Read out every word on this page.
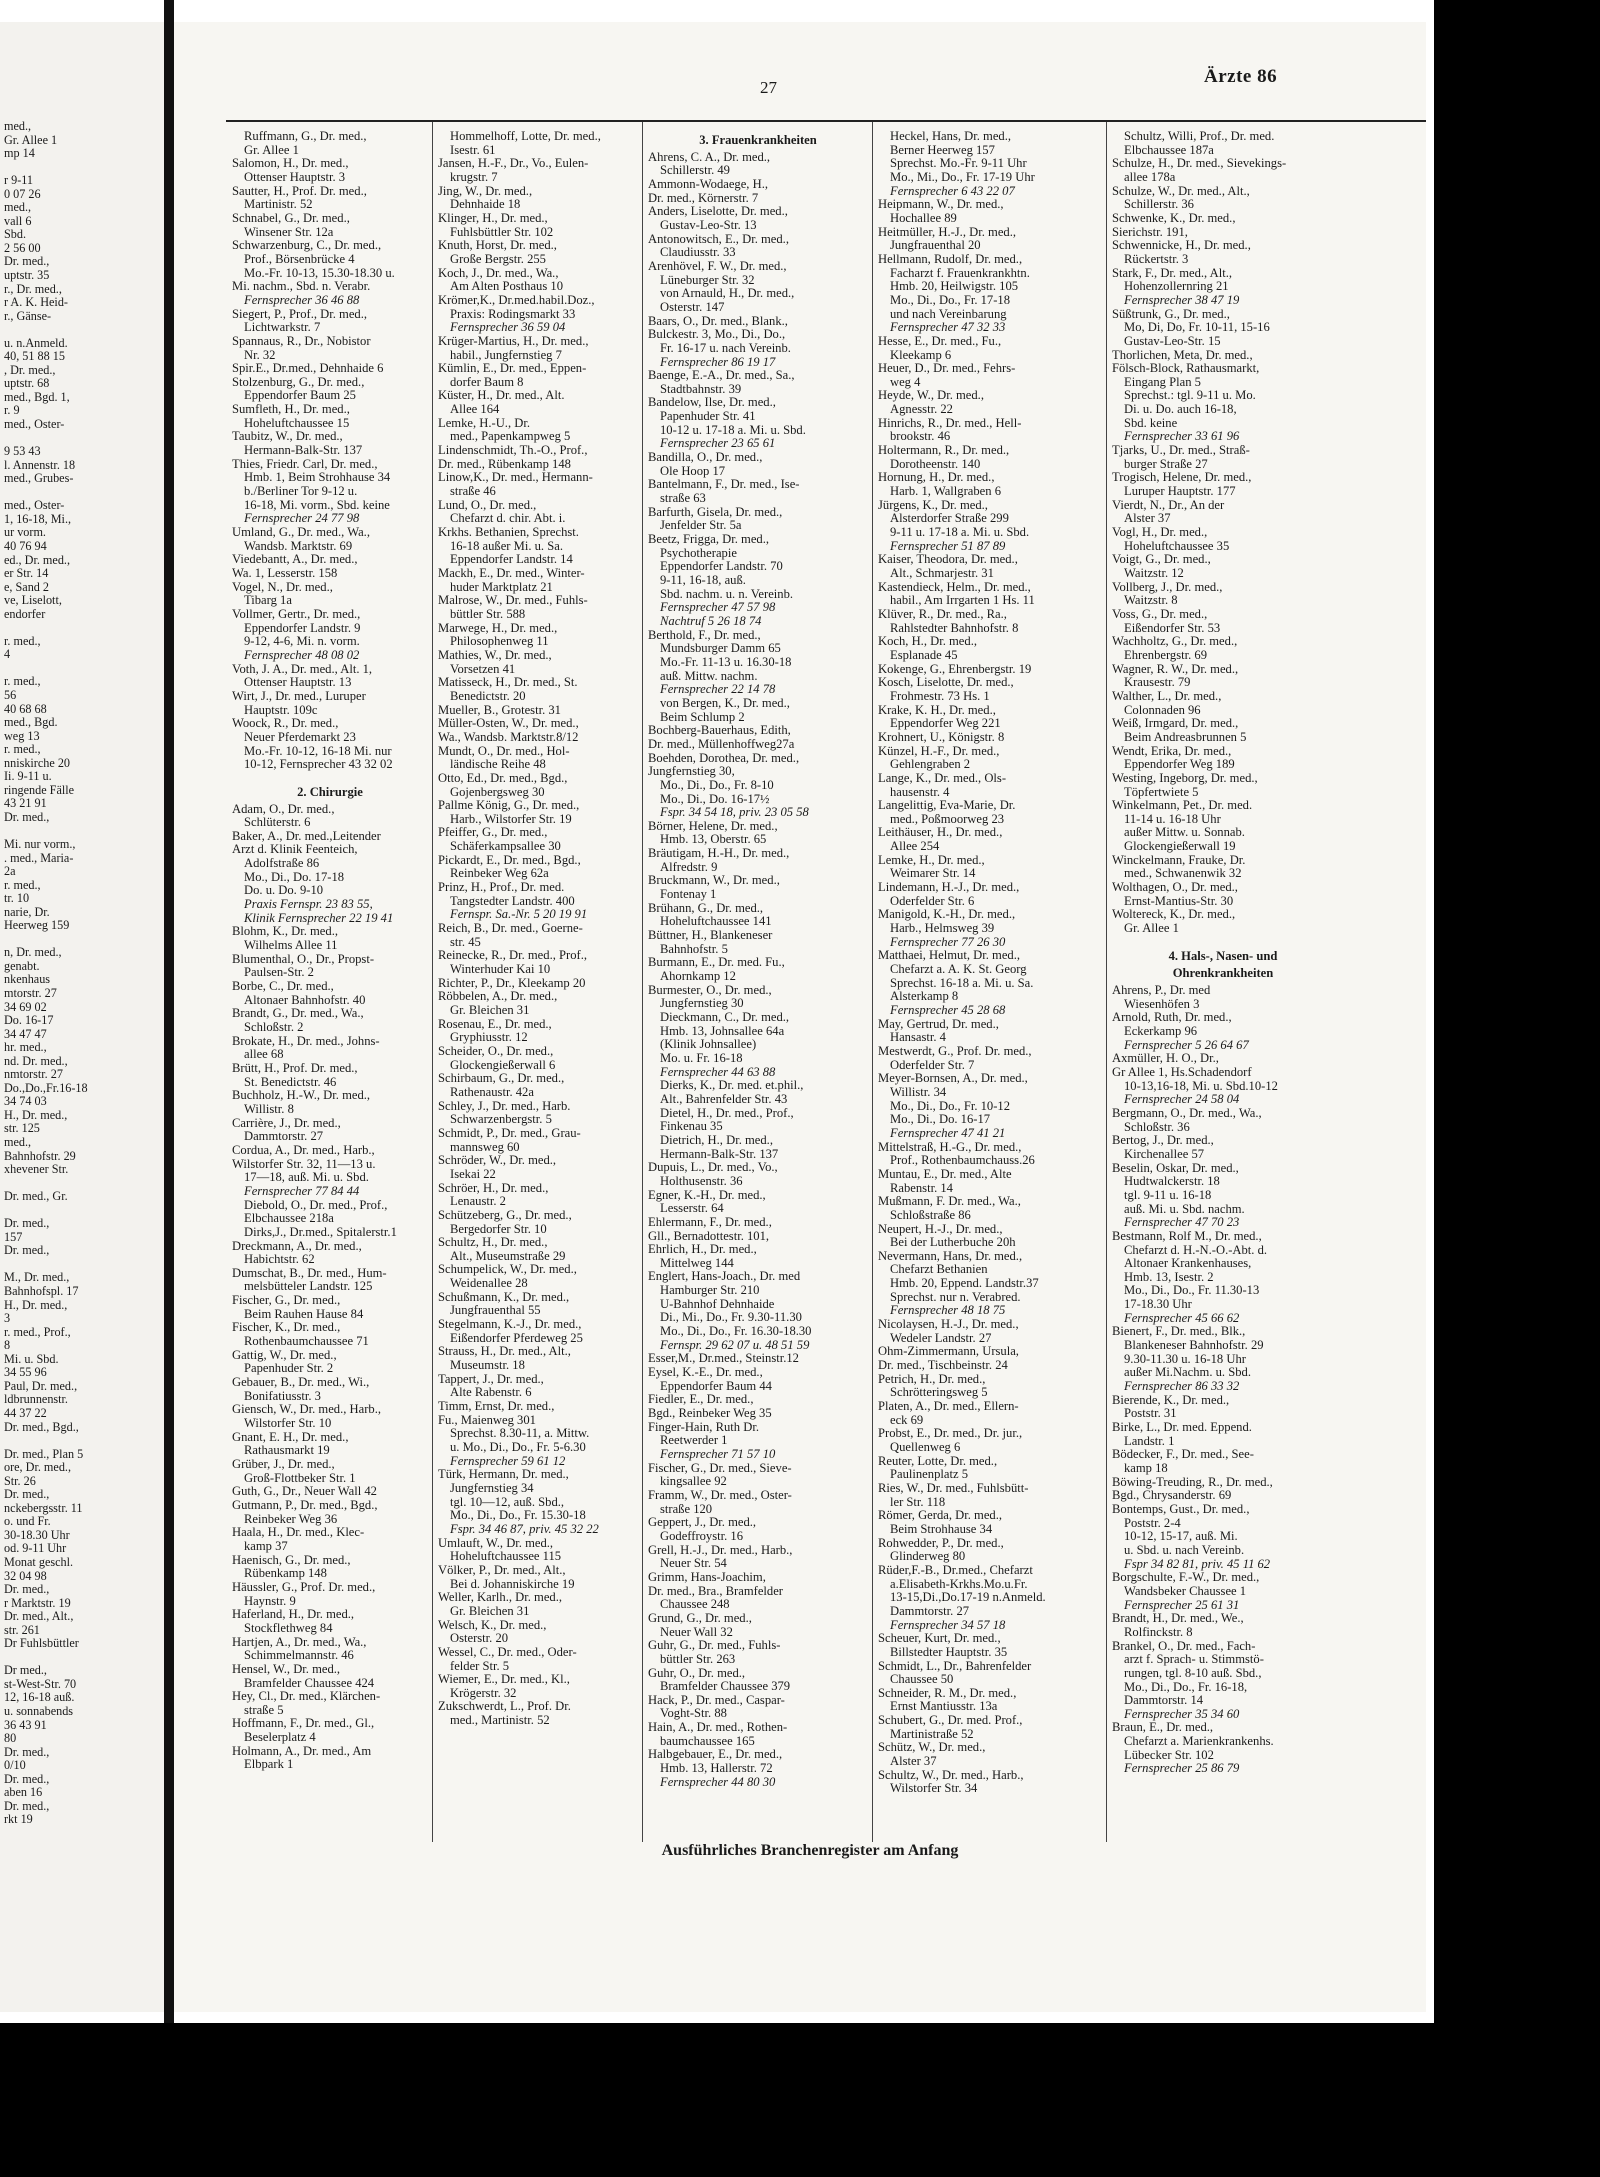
med.,
Gr. Allee 1
mp 14

r 9-11
0 07 26
med.,
vall 6
Sbd.
2 56 00
Dr. med.,
uptstr. 35
r., Dr. med.,
r A. K. Heid-
r., Gänse-

u. n.Anmeld.
40, 51 88 15
, Dr. med.,
uptstr. 68
med., Bgd. 1,
r. 9
med., Oster-

9 53 43
l. Annenstr. 18
med., Grubes-

med., Oster-
1, 16-18, Mi.,
ur vorm.
40 76 94
ed., Dr. med.,
er Str. 14
e, Sand 2
ve, Liselott,
endorfer

r. med.,
4

r. med.,
56
40 68 68
med., Bgd.
weg 13
r. med.,
nniskirche 20
Ii. 9-11 u.
ringende Fälle
43 21 91
Dr. med.,

Mi. nur vorm.,
. med., Maria-
2a
r. med.,
tr. 10
narie, Dr.
Heerweg 159

n, Dr. med.,
genabt.
nkenhaus
mtorstr. 27
34 69 02
Do. 16-17
34 47 47
hr. med.,
nd. Dr. med.,
nmtorstr. 27
Do.,Do.,Fr.16-18
34 74 03
H., Dr. med.,
str. 125
med.,
Bahnhofstr. 29
xhevener Str.

Dr. med., Gr.

Dr. med.,
157
Dr. med.,

M., Dr. med.,
Bahnhofspl. 17
H., Dr. med.,
3
r. med., Prof.,
8
Mi. u. Sbd.
34 55 96
Paul, Dr. med.,
ldbrunnenstr.
44 37 22
Dr. med., Bgd.,

Dr. med., Plan 5
ore, Dr. med.,
Str. 26
Dr. med.,
nckebergsstr. 11
o. und Fr.
30-18.30 Uhr
od. 9-11 Uhr
Monat geschl.
32 04 98
Dr. med.,
r Marktstr. 19
Dr. med., Alt.,
str. 261
Dr Fuhlsbüttler

Dr med.,
st-West-Str. 70
12, 16-18 auß.
u. sonnabends
36 43 91
80
Dr. med.,
0/10
Dr. med.,
aben 16
Dr. med.,
rkt 19
27
Ärzte 86
Ruffmann, G., Dr. med.,
Gr. Allee 1
Salomon, H., Dr. med.,
Ottenser Hauptstr. 3
Sautter, H., Prof. Dr. med.,
Martinistr. 52
Schnabel, G., Dr. med.,
Winsener Str. 12a
Schwarzenburg, C., Dr. med.,
Prof., Börsenbrücke 4
Mo.-Fr. 10-13, 15.30-18.30 u.
Mi. nachm., Sbd. n. Verabr.
Fernsprecher 36 46 88
Siegert, P., Prof., Dr. med.,
Lichtwarkstr. 7
Spannaus, R., Dr., Nobistor
Nr. 32
Spir.E., Dr.med., Dehnhaide 6
Stolzenburg, G., Dr. med.,
Eppendorfer Baum 25
Sumfleth, H., Dr. med.,
Hoheluftchaussee 15
Taubitz, W., Dr. med.,
Hermann-Balk-Str. 137
Thies, Friedr. Carl, Dr. med.,
Hmb. 1, Beim Strohhause 34
b./Berliner Tor 9-12 u.
16-18, Mi. vorm., Sbd. keine
Fernsprecher 24 77 98
Umland, G., Dr. med., Wa.,
Wandsb. Marktstr. 69
Viedebantt, A., Dr. med.,
Wa. 1, Lesserstr. 158
Vogel, N., Dr. med.,
Tibarg 1a
Vollmer, Gertr., Dr. med.,
Eppendorfer Landstr. 9
9-12, 4-6, Mi. n. vorm.
Fernsprecher 48 08 02
Voth, J. A., Dr. med., Alt. 1,
Ottenser Hauptstr. 13
Wirt, J., Dr. med., Luruper
Hauptstr. 109c
Woock, R., Dr. med.,
Neuer Pferdemarkt 23
Mo.-Fr. 10-12, 16-18 Mi. nur
10-12, Fernsprecher 43 32 02
2. Chirurgie
Adam, O., Dr. med.,
Schlüterstr. 6
Baker, A., Dr. med.,Leitender
Arzt d. Klinik Feenteich,
Adolfstraße 86
Mo., Di., Do. 17-18
Do. u. Do. 9-10
Praxis Fernspr. 23 83 55,
Klinik Fernsprecher 22 19 41
Blohm, K., Dr. med.,
Wilhelms Allee 11
Blumenthal, O., Dr., Propst-
Paulsen-Str. 2
Borbe, C., Dr. med.,
Altonaer Bahnhofstr. 40
Brandt, G., Dr. med., Wa.,
Schloßstr. 2
Brokate, H., Dr. med., Johns-
allee 68
Brütt, H., Prof. Dr. med.,
St. Benedictstr. 46
Buchholz, H.-W., Dr. med.,
Willistr. 8
Carrière, J., Dr. med.,
Dammtorstr. 27
Cordua, A., Dr. med., Harb.,
Wilstorfer Str. 32, 11—13 u.
17—18, auß. Mi. u. Sbd.
Fernsprecher 77 84 44
Diebold, O., Dr. med., Prof.,
Elbchaussee 218a
Dirks,J., Dr.med., Spitalerstr.1
Dreckmann, A., Dr. med.,
Habichtstr. 62
Dumschat, B., Dr. med., Hum-
melsbütteler Landstr. 125
Fischer, G., Dr. med.,
Beim Rauhen Hause 84
Fischer, K., Dr. med.,
Rothenbaumchaussee 71
Gattig, W., Dr. med.,
Papenhuder Str. 2
Gebauer, B., Dr. med., Wi.,
Bonifatiusstr. 3
Giensch, W., Dr. med., Harb.,
Wilstorfer Str. 10
Gnant, E. H., Dr. med.,
Rathausmarkt 19
Grüber, J., Dr. med.,
Groß-Flottbeker Str. 1
Guth, G., Dr., Neuer Wall 42
Gutmann, P., Dr. med., Bgd.,
Reinbeker Weg 36
Haala, H., Dr. med., Klec-
kamp 37
Haenisch, G., Dr. med.,
Rübenkamp 148
Häussler, G., Prof. Dr. med.,
Haynstr. 9
Haferland, H., Dr. med.,
Stockflethweg 84
Hartjen, A., Dr. med., Wa.,
Schimmelmannstr. 46
Hensel, W., Dr. med.,
Bramfelder Chaussee 424
Hey, Cl., Dr. med., Klärchen-
straße 5
Hoffmann, F., Dr. med., Gl.,
Beselerplatz 4
Holmann, A., Dr. med., Am
Elbpark 1
Hommelhoff, Lotte, Dr. med.,
Isestr. 61
Jansen, H.-F., Dr., Vo., Eulen-
krugstr. 7
Jing, W., Dr. med.,
Dehnhaide 18
Klinger, H., Dr. med.,
Fuhlsbüttler Str. 102
Knuth, Horst, Dr. med.,
Große Bergstr. 255
Koch, J., Dr. med., Wa.,
Am Alten Posthaus 10
Krömer,K., Dr.med.habil.Doz.,
Praxis: Rodingsmarkt 33
Fernsprecher 36 59 04
Krüger-Martius, H., Dr. med.,
habil., Jungfernstieg 7
Kümlin, E., Dr. med., Eppen-
dorfer Baum 8
Küster, H., Dr. med., Alt.
Allee 164
Lemke, H.-U., Dr.
med., Papenkampweg 5
Lindenschmidt, Th.-O., Prof.,
Dr. med., Rübenkamp 148
Linow,K., Dr. med., Hermann-
straße 46
Lund, O., Dr. med.,
Chefarzt d. chir. Abt. i.
Krkhs. Bethanien, Sprechst.
16-18 außer Mi. u. Sa.
Eppendorfer Landstr. 14
Mackh, E., Dr. med., Winter-
huder Marktplatz 21
Malrose, W., Dr. med., Fuhls-
büttler Str. 588
Marwege, H., Dr. med.,
Philosophenweg 11
Mathies, W., Dr. med.,
Vorsetzen 41
Matisseck, H., Dr. med., St.
Benedictstr. 20
Mueller, B., Grotestr. 31
Müller-Osten, W., Dr. med.,
Wa., Wandsb. Marktstr.8/12
Mundt, O., Dr. med., Hol-
ländische Reihe 48
Otto, Ed., Dr. med., Bgd.,
Gojenbergsweg 30
Pallme König, G., Dr. med.,
Harb., Wilstorfer Str. 19
Pfeiffer, G., Dr. med.,
Schäferkampsallee 30
Pickardt, E., Dr. med., Bgd.,
Reinbeker Weg 62a
Prinz, H., Prof., Dr. med.
Tangstedter Landstr. 400
Fernspr. Sa.-Nr. 5 20 19 91
Reich, B., Dr. med., Goerne-
str. 45
Reinecke, R., Dr. med., Prof.,
Winterhuder Kai 10
Richter, P., Dr., Kleekamp 20
Röbbelen, A., Dr. med.,
Gr. Bleichen 31
Rosenau, E., Dr. med.,
Gryphiusstr. 12
Scheider, O., Dr. med.,
Glockengießerwall 6
Schirbaum, G., Dr. med.,
Rathenaustr. 42a
Schley, J., Dr. med., Harb.
Schwarzenbergstr. 5
Schmidt, P., Dr. med., Grau-
mannsweg 60
Schröder, W., Dr. med.,
Isekai 22
Schröer, H., Dr. med.,
Lenaustr. 2
Schützeberg, G., Dr. med.,
Bergedorfer Str. 10
Schultz, H., Dr. med.,
Alt., Museumstraße 29
Schumpelick, W., Dr. med.,
Weidenallee 28
Schußmann, K., Dr. med.,
Jungfrauenthal 55
Stegelmann, K.-J., Dr. med.,
Eißendorfer Pferdeweg 25
Strauss, H., Dr. med., Alt.,
Museumstr. 18
Tappert, J., Dr. med.,
Alte Rabenstr. 6
Timm, Ernst, Dr. med.,
Fu., Maienweg 301
Sprechst. 8.30-11, a. Mittw.
u. Mo., Di., Do., Fr. 5-6.30
Fernsprecher 59 61 12
Türk, Hermann, Dr. med.,
Jungfernstieg 34
tgl. 10—12, auß. Sbd.,
Mo., Di., Do., Fr. 15.30-18
Fspr. 34 46 87, priv. 45 32 22
Umlauft, W., Dr. med.,
Hoheluftchaussee 115
Völker, P., Dr. med., Alt.,
Bei d. Johanniskirche 19
Weller, Karlh., Dr. med.,
Gr. Bleichen 31
Welsch, K., Dr. med.,
Osterstr. 20
Wessel, C., Dr. med., Oder-
felder Str. 5
Wiemer, E., Dr. med., Kl.,
Krögerstr. 32
Zukschwerdt, L., Prof. Dr.
med., Martinistr. 52
3. Frauenkrankheiten
Ahrens, C. A., Dr. med.,
Schillerstr. 49
Ammonn-Wodaege, H.,
Dr. med., Körnerstr. 7
Anders, Liselotte, Dr. med.,
Gustav-Leo-Str. 13
Antonowitsch, E., Dr. med.,
Claudiusstr. 33
Arenhövel, F. W., Dr. med.,
Lüneburger Str. 32
von Arnauld, H., Dr. med.,
Osterstr. 147
Baars, O., Dr. med., Blank.,
Bulckestr. 3, Mo., Di., Do.,
Fr. 16-17 u. nach Vereinb.
Fernsprecher 86 19 17
Baenge, E.-A., Dr. med., Sa.,
Stadtbahnstr. 39
Bandelow, Ilse, Dr. med.,
Papenhuder Str. 41
10-12 u. 17-18 a. Mi. u. Sbd.
Fernsprecher 23 65 61
Bandilla, O., Dr. med.,
Ole Hoop 17
Bantelmann, F., Dr. med., Ise-
straße 63
Barfurth, Gisela, Dr. med.,
Jenfelder Str. 5a
Beetz, Frigga, Dr. med.,
Psychotherapie
Eppendorfer Landstr. 70
9-11, 16-18, auß.
Sbd. nachm. u. n. Vereinb.
Fernsprecher 47 57 98
Nachtruf 5 26 18 74
Berthold, F., Dr. med.,
Mundsburger Damm 65
Mo.-Fr. 11-13 u. 16.30-18
auß. Mittw. nachm.
Fernsprecher 22 14 78
von Bergen, K., Dr. med.,
Beim Schlump 2
Bochberg-Bauerhaus, Edith,
Dr. med., Müllenhoffweg27a
Boehden, Dorothea, Dr. med.,
Jungfernstieg 30,
Mo., Di., Do., Fr. 8-10
Mo., Di., Do. 16-17½
Fspr. 34 54 18, priv. 23 05 58
Börner, Helene, Dr. med.,
Hmb. 13, Oberstr. 65
Bräutigam, H.-H., Dr. med.,
Alfredstr. 9
Bruckmann, W., Dr. med.,
Fontenay 1
Brühann, G., Dr. med.,
Hoheluftchaussee 141
Büttner, H., Blankeneser
Bahnhofstr. 5
Burmann, E., Dr. med. Fu.,
Ahornkamp 12
Burmester, O., Dr. med.,
Jungfernstieg 30
Dieckmann, C., Dr. med.,
Hmb. 13, Johnsallee 64a
(Klinik Johnsallee)
Mo. u. Fr. 16-18
Fernsprecher 44 63 88
Dierks, K., Dr. med. et.phil.,
Alt., Bahrenfelder Str. 43
Dietel, H., Dr. med., Prof.,
Finkenau 35
Dietrich, H., Dr. med.,
Hermann-Balk-Str. 137
Dupuis, L., Dr. med., Vo.,
Holthusenstr. 36
Egner, K.-H., Dr. med.,
Lesserstr. 64
Ehlermann, F., Dr. med.,
Gll., Bernadottestr. 101,
Ehrlich, H., Dr. med.,
Mittelweg 144
Englert, Hans-Joach., Dr. med
Hamburger Str. 210
U-Bahnhof Dehnhaide
Di., Mi., Do., Fr. 9.30-11.30
Mo., Di., Do., Fr. 16.30-18.30
Fernspr. 29 62 07 u. 48 51 59
Esser,M., Dr.med., Steinstr.12
Eysel, K.-E., Dr. med.,
Eppendorfer Baum 44
Fiedler, E., Dr. med.,
Bgd., Reinbeker Weg 35
Finger-Hain, Ruth Dr.
Reetwerder 1
Fernsprecher 71 57 10
Fischer, G., Dr. med., Sieve-
kingsallee 92
Framm, W., Dr. med., Oster-
straße 120
Geppert, J., Dr. med.,
Godeffroystr. 16
Grell, H.-J., Dr. med., Harb.,
Neuer Str. 54
Grimm, Hans-Joachim,
Dr. med., Bra., Bramfelder
Chaussee 248
Grund, G., Dr. med.,
Neuer Wall 32
Guhr, G., Dr. med., Fuhls-
büttler Str. 263
Guhr, O., Dr. med.,
Bramfelder Chaussee 379
Hack, P., Dr. med., Caspar-
Voght-Str. 88
Hain, A., Dr. med., Rothen-
baumchaussee 165
Halbgebauer, E., Dr. med.,
Hmb. 13, Hallerstr. 72
Fernsprecher 44 80 30
Heckel, Hans, Dr. med.,
Berner Heerweg 157
Sprechst. Mo.-Fr. 9-11 Uhr
Mo., Mi., Do., Fr. 17-19 Uhr
Fernsprecher 6 43 22 07
Heipmann, W., Dr. med.,
Hochallee 89
Heitmüller, H.-J., Dr. med.,
Jungfrauenthal 20
Hellmann, Rudolf, Dr. med.,
Facharzt f. Frauenkrankhtn.
Hmb. 20, Heilwigstr. 105
Mo., Di., Do., Fr. 17-18
und nach Vereinbarung
Fernsprecher 47 32 33
Hesse, E., Dr. med., Fu.,
Kleekamp 6
Heuer, D., Dr. med., Fehrs-
weg 4
Heyde, W., Dr. med.,
Agnesstr. 22
Hinrichs, R., Dr. med., Hell-
brookstr. 46
Holtermann, R., Dr. med.,
Dorotheenstr. 140
Hornung, H., Dr. med.,
Harb. 1, Wallgraben 6
Jürgens, K., Dr. med.,
Alsterdorfer Straße 299
9-11 u. 17-18 a. Mi. u. Sbd.
Fernsprecher 51 87 89
Kaiser, Theodora, Dr. med.,
Alt., Schmarjestr. 31
Kastendieck, Helm., Dr. med.,
habil., Am Irrgarten 1 Hs. 11
Klüver, R., Dr. med., Ra.,
Rahlstedter Bahnhofstr. 8
Koch, H., Dr. med.,
Esplanade 45
Kokenge, G., Ehrenbergstr. 19
Kosch, Liselotte, Dr. med.,
Frohmestr. 73 Hs. 1
Krake, K. H., Dr. med.,
Eppendorfer Weg 221
Krohnert, U., Königstr. 8
Künzel, H.-F., Dr. med.,
Gehlengraben 2
Lange, K., Dr. med., Ols-
hausenstr. 4
Langelittig, Eva-Marie, Dr.
med., Poßmoorweg 23
Leithäuser, H., Dr. med.,
Allee 254
Lemke, H., Dr. med.,
Weimarer Str. 14
Lindemann, H.-J., Dr. med.,
Oderfelder Str. 6
Manigold, K.-H., Dr. med.,
Harb., Helmsweg 39
Fernsprecher 77 26 30
Matthaei, Helmut, Dr. med.,
Chefarzt a. A. K. St. Georg
Sprechst. 16-18 a. Mi. u. Sa.
Alsterkamp 8
Fernsprecher 45 28 68
May, Gertrud, Dr. med.,
Hansastr. 4
Mestwerdt, G., Prof. Dr. med.,
Oderfelder Str. 7
Meyer-Bornsen, A., Dr. med.,
Willistr. 34
Mo., Di., Do., Fr. 10-12
Mo., Di., Do. 16-17
Fernsprecher 47 41 21
Mittelstraß, H.-G., Dr. med.,
Prof., Rothenbaumchauss.26
Muntau, E., Dr. med., Alte
Rabenstr. 14
Mußmann, F. Dr. med., Wa.,
Schloßstraße 86
Neupert, H.-J., Dr. med.,
Bei der Lutherbuche 20h
Nevermann, Hans, Dr. med.,
Chefarzt Bethanien
Hmb. 20, Eppend. Landstr.37
Sprechst. nur n. Verabred.
Fernsprecher 48 18 75
Nicolaysen, H.-J., Dr. med.,
Wedeler Landstr. 27
Ohm-Zimmermann, Ursula,
Dr. med., Tischbeinstr. 24
Petrich, H., Dr. med.,
Schrötteringsweg 5
Platen, A., Dr. med., Ellern-
eck 69
Probst, E., Dr. med., Dr. jur.,
Quellenweg 6
Reuter, Lotte, Dr. med.,
Paulinenplatz 5
Ries, W., Dr. med., Fuhlsbütt-
ler Str. 118
Römer, Gerda, Dr. med.,
Beim Strohhause 34
Rohwedder, P., Dr. med.,
Glinderweg 80
Rüder,F.-B., Dr.med., Chefarzt
a.Elisabeth-Krkhs.Mo.u.Fr.
13-15,Di.,Do.17-19 n.Anmeld.
Dammtorstr. 27
Fernsprecher 34 57 18
Scheuer, Kurt, Dr. med.,
Billstedter Hauptstr. 35
Schmidt, L., Dr., Bahrenfelder
Chaussee 50
Schneider, R. M., Dr. med.,
Ernst Mantiusstr. 13a
Schubert, G., Dr. med. Prof.,
Martinistraße 52
Schütz, W., Dr. med.,
Alster 37
Schultz, W., Dr. med., Harb.,
Wilstorfer Str. 34
Schultz, Willi, Prof., Dr. med.
Elbchaussee 187a
Schulze, H., Dr. med., Sievekings-
allee 178a
Schulze, W., Dr. med., Alt.,
Schillerstr. 36
Schwenke, K., Dr. med.,
Sierichstr. 191,
Schwennicke, H., Dr. med.,
Rückertstr. 3
Stark, F., Dr. med., Alt.,
Hohenzollernring 21
Fernsprecher 38 47 19
Süßtrunk, G., Dr. med.,
Mo, Di, Do, Fr. 10-11, 15-16
Gustav-Leo-Str. 15
Thorlichen, Meta, Dr. med.,
Fölsch-Block, Rathausmarkt,
Eingang Plan 5
Sprechst.: tgl. 9-11 u. Mo.
Di. u. Do. auch 16-18,
Sbd. keine
Fernsprecher 33 61 96
Tjarks, U., Dr. med., Straß-
burger Straße 27
Trogisch, Helene, Dr. med.,
Luruper Hauptstr. 177
Vierdt, N., Dr., An der
Alster 37
Vogl, H., Dr. med.,
Hoheluftchaussee 35
Voigt, G., Dr. med.,
Waitzstr. 12
Vollberg, J., Dr. med.,
Waitzstr. 8
Voss, G., Dr. med.,
Eißendorfer Str. 53
Wachholtz, G., Dr. med.,
Ehrenbergstr. 69
Wagner, R. W., Dr. med.,
Krausestr. 79
Walther, L., Dr. med.,
Colonnaden 96
Weiß, Irmgard, Dr. med.,
Beim Andreasbrunnen 5
Wendt, Erika, Dr. med.,
Eppendorfer Weg 189
Westing, Ingeborg, Dr. med.,
Töpfertwiete 5
Winkelmann, Pet., Dr. med.
11-14 u. 16-18 Uhr
außer Mittw. u. Sonnab.
Glockengießerwall 19
Winckelmann, Frauke, Dr.
med., Schwanenwik 32
Wolthagen, O., Dr. med.,
Ernst-Mantius-Str. 30
Woltereck, K., Dr. med.,
Gr. Allee 1
4. Hals-, Nasen- und
Ohrenkrankheiten
Ahrens, P., Dr. med
Wiesenhöfen 3
Arnold, Ruth, Dr. med.,
Eckerkamp 96
Fernsprecher 5 26 64 67
Axmüller, H. O., Dr.,
Gr Allee 1, Hs.Schadendorf
10-13,16-18, Mi. u. Sbd.10-12
Fernsprecher 24 58 04
Bergmann, O., Dr. med., Wa.,
Schloßstr. 36
Bertog, J., Dr. med.,
Kirchenallee 57
Beselin, Oskar, Dr. med.,
Hudtwalckerstr. 18
tgl. 9-11 u. 16-18
auß. Mi. u. Sbd. nachm.
Fernsprecher 47 70 23
Bestmann, Rolf M., Dr. med.,
Chefarzt d. H.-N.-O.-Abt. d.
Altonaer Krankenhauses,
Hmb. 13, Isestr. 2
Mo., Di., Do., Fr. 11.30-13
17-18.30 Uhr
Fernsprecher 45 66 62
Bienert, F., Dr. med., Blk.,
Blankeneser Bahnhofstr. 29
9.30-11.30 u. 16-18 Uhr
außer Mi.Nachm. u. Sbd.
Fernsprecher 86 33 32
Bierende, K., Dr. med.,
Poststr. 31
Birke, L., Dr. med. Eppend.
Landstr. 1
Bödecker, F., Dr. med., See-
kamp 18
Böwing-Treuding, R., Dr. med.,
Bgd., Chrysanderstr. 69
Bontemps, Gust., Dr. med.,
Poststr. 2-4
10-12, 15-17, auß. Mi.
u. Sbd. u. nach Vereinb.
Fspr 34 82 81, priv. 45 11 62
Borgschulte, F.-W., Dr. med.,
Wandsbeker Chaussee 1
Fernsprecher 25 61 31
Brandt, H., Dr. med., We.,
Rolfinckstr. 8
Brankel, O., Dr. med., Fach-
arzt f. Sprach- u. Stimmstö-
rungen, tgl. 8-10 auß. Sbd.,
Mo., Di., Do., Fr. 16-18,
Dammtorstr. 14
Fernsprecher 35 34 60
Braun, E., Dr. med.,
Chefarzt a. Marienkrankenhs.
Lübecker Str. 102
Fernsprecher 25 86 79
Ausführliches Branchenregister am Anfang
